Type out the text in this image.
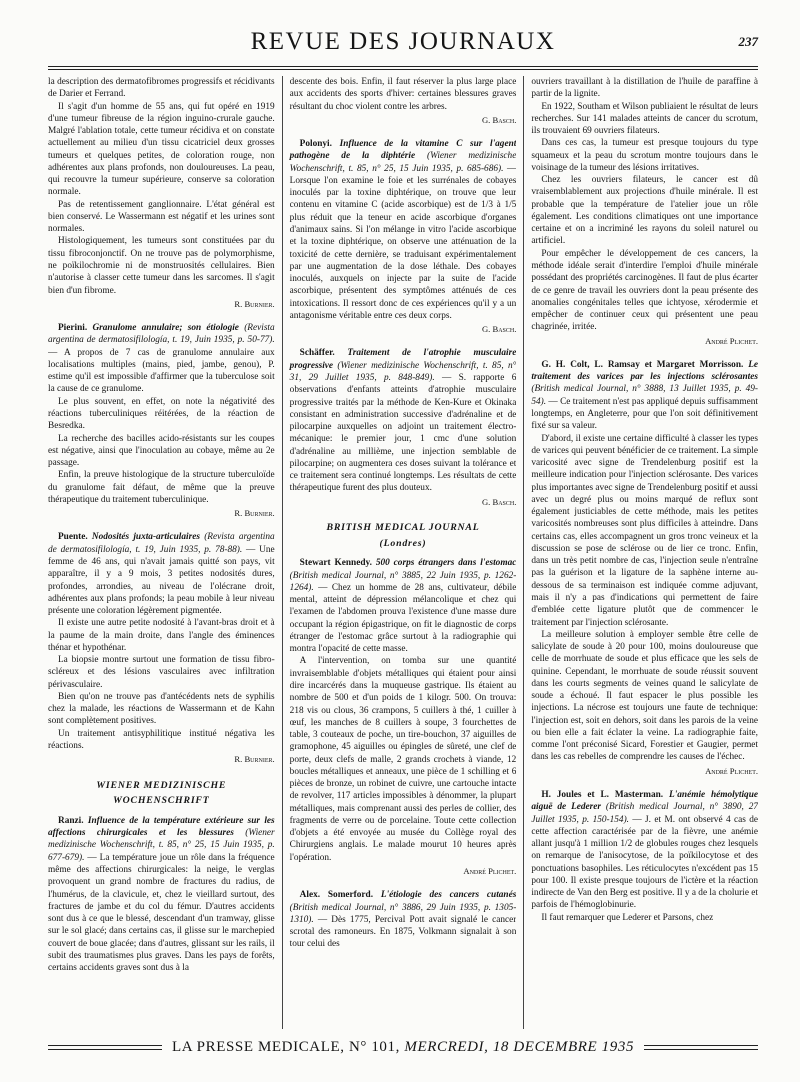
REVUE DES JOURNAUX	237

la description des dermatofibromes progressifs et récidivants de Darier et Ferrand.

Il s'agit d'un homme de 55 ans, qui fut opéré en 1919 d'une tumeur fibreuse de la région inguino-crurale gauche. Malgré l'ablation totale, cette tumeur récidiva et on constate actuellement au milieu d'un tissu cicatriciel deux grosses tumeurs et quelques petites, de coloration rouge, non adhérentes aux plans profonds, non douloureuses. La peau, qui recouvre la tumeur supérieure, conserve sa coloration normale.

Pas de retentissement ganglionnaire. L'état général est bien conservé. Le Wassermann est négatif et les urines sont normales.

Histologiquement, les tumeurs sont constituées par du tissu fibroconjonctif. On ne trouve pas de polymorphisme, ne poïkilochromie ni de monstruosités cellulaires. Bien n'autorise à classer cette tumeur dans les sarcomes. Il s'agit bien d'un fibrome.

R. Burnier.

Pierini. Granulome annulaire; son étiologie (Revista argentina de dermatosifilología, t. 19, Juin 1935, p. 50-77). — A propos de 7 cas de granulome annulaire aux localisations multiples (mains, pied, jambe, genou), P. estime qu'il est impossible d'affirmer que la tuberculose soit la cause de ce granulome.

Le plus souvent, en effet, on note la négativité des réactions tuberculiniques réitérées, de la réaction de Besredka.

La recherche des bacilles acido-résistants sur les coupes est négative, ainsi que l'inoculation au cobaye, même au 2e passage.

Enfin, la preuve histologique de la structure tuberculoïde du granulome fait défaut, de même que la preuve thérapeutique du traitement tuberculinique.

R. Burnier.

Puente. Nodosités juxta-articulaires (Revista argentina de dermatosifilología, t. 19, Juin 1935, p. 78-88). — Une femme de 46 ans, qui n'avait jamais quitté son pays, vit apparaître, il y a 9 mois, 3 petites nodosités dures, profondes, arrondies, au niveau de l'olécrane droit, adhérentes aux plans profonds; la peau mobile à leur niveau présente une coloration légèrement pigmentée.

Il existe une autre petite nodosité à l'avant-bras droit et à la paume de la main droite, dans l'angle des éminences thénar et hypothénar.

La biopsie montre surtout une formation de tissu fibro-scléreux et des lésions vasculaires avec infiltration périvasculaire.

Bien qu'on ne trouve pas d'antécédents nets de syphilis chez la malade, les réactions de Wassermann et de Kahn sont complètement positives.

Un traitement antisyphilitique institué négativa les réactions.

R. Burnier.

WIENER MEDIZINISCHE WOCHENSCHRIFT

Ranzi. Influence de la température extérieure sur les affections chirurgicales et les blessures (Wiener medizinische Wochenschrift, t. 85, n° 25, 15 Juin 1935, p. 677-679). — La température joue un rôle dans la fréquence même des affections chirurgicales: la neige, le verglas provoquent un grand nombre de fractures du radius, de l'humérus, de la clavicule, et, chez le vieillard surtout, des fractures de jambe et du col du fémur. D'autres accidents sont dus à ce que le blessé, descendant d'un tramway, glisse sur le sol glacé; dans certains cas, il glisse sur le marchepied couvert de boue glacée; dans d'autres, glissant sur les rails, il subit des traumatismes plus graves. Dans les pays de forêts, certains accidents graves sont dus à la

descente des bois. Enfin, il faut réserver la plus large place aux accidents des sports d'hiver: certaines blessures graves résultant du choc violent contre les arbres.

G. Basch.

Polonyi. Influence de la vitamine C sur l'agent pathogène de la diphtérie (Wiener medizinische Wochenschrift, t. 85, n° 25, 15 Juin 1935, p. 685-686). — Lorsque l'on examine le foie et les surrénales de cobayes inoculés par la toxine diphtérique, on trouve que leur contenu en vitamine C (acide ascorbique) est de 1/3 à 1/5 plus réduit que la teneur en acide ascorbique d'organes d'animaux sains. Si l'on mélange in vitro l'acide ascorbique et la toxine diphtérique, on observe une atténuation de la toxicité de cette dernière, se traduisant expérimentalement par une augmentation de la dose léthale. Des cobayes inoculés, auxquels on injecte par la suite de l'acide ascorbique, présentent des symptômes atténués de ces intoxications. Il ressort donc de ces expériences qu'il y a un antagonisme véritable entre ces deux corps.

G. Basch.

Schäffer. Traitement de l'atrophie musculaire progressive (Wiener medizinische Wochenschrift, t. 85, n° 31, 29 Juillet 1935, p. 848-849). — S. rapporte 6 observations d'enfants atteints d'atrophie musculaire progressive traités par la méthode de Ken-Kure et Okinaka consistant en administration successive d'adrénaline et de pilocarpine auxquelles on adjoint un traitement électro-mécanique: le premier jour, 1 cmc d'une solution d'adrénaline au millième, une injection semblable de pilocarpine; on augmentera ces doses suivant la tolérance et ce traitement sera continué longtemps. Les résultats de cette thérapeutique furent des plus douteux.

G. Basch.

BRITISH MEDICAL JOURNAL
(Londres)

Stewart Kennedy. 500 corps étrangers dans l'estomac (British medical Journal, n° 3885, 22 Juin 1935, p. 1262-1264). — Chez un homme de 28 ans, cultivateur, débile mental, atteint de dépression mélancolique et chez qui l'examen de l'abdomen prouva l'existence d'une masse dure occupant la région épigastrique, on fit le diagnostic de corps étranger de l'estomac grâce surtout à la radiographie qui montra l'opacité de cette masse.

A l'intervention, on tomba sur une quantité invraisemblable d'objets métalliques qui étaient pour ainsi dire incarcérés dans la muqueuse gastrique. Ils étaient au nombre de 500 et d'un poids de 1 kilogr. 500. On trouva: 218 vis ou clous, 36 crampons, 5 cuillers à thé, 1 cuiller à œuf, les manches de 8 cuillers à soupe, 3 fourchettes de table, 3 couteaux de poche, un tire-bouchon, 37 aiguilles de gramophone, 45 aiguilles ou épingles de sûreté, une clef de porte, deux clefs de malle, 2 grands crochets à viande, 12 boucles métalliques et anneaux, une pièce de 1 schilling et 6 pièces de bronze, un robinet de cuivre, une cartouche intacte de revolver, 117 articles impossibles à dénommer, la plupart métalliques, mais comprenant aussi des perles de collier, des fragments de verre ou de porcelaine. Toute cette collection d'objets a été envoyée au musée du Collège royal des Chirurgiens anglais. Le malade mourut 10 heures après l'opération.

André Plichet.

Alex. Somerford. L'étiologie des cancers cutanés (British medical Journal, n° 3886, 29 Juin 1935, p. 1305-1310). — Dès 1775, Percival Pott avait signalé le cancer scrotal des ramoneurs. En 1875, Volkmann signalait à son tour celui des

ouvriers travaillant à la distillation de l'huile de paraffine à partir de la lignite.

En 1922, Southam et Wilson publiaient le résultat de leurs recherches. Sur 141 malades atteints de cancer du scrotum, ils trouvaient 69 ouvriers filateurs.

Dans ces cas, la tumeur est presque toujours du type squameux et la peau du scrotum montre toujours dans le voisinage de la tumeur des lésions irritatives.

Chez les ouvriers filateurs, le cancer est dû vraisemblablement aux projections d'huile minérale. Il est probable que la température de l'atelier joue un rôle également. Les conditions climatiques ont une importance certaine et on a incriminé les rayons du soleil naturel ou artificiel.

Pour empêcher le développement de ces cancers, la méthode idéale serait d'interdire l'emploi d'huile minérale possédant des propriétés carcinogènes. Il faut de plus écarter de ce genre de travail les ouvriers dont la peau présente des anomalies congénitales telles que ichtyose, xérodermie et empêcher de continuer ceux qui présentent une peau chagrinée, irritée.

André Plichet.

G. H. Colt, L. Ramsay et Margaret Morrisson. Le traitement des varices par les injections sclérosantes (British medical Journal, n° 3888, 13 Juillet 1935, p. 49-54). — Ce traitement n'est pas appliqué depuis suffisamment longtemps, en Angleterre, pour que l'on soit définitivement fixé sur sa valeur.

D'abord, il existe une certaine difficulté à classer les types de varices qui peuvent bénéficier de ce traitement. La simple varicosité avec signe de Trendelenburg positif est la meilleure indication pour l'injection sclérosante. Des varices plus importantes avec signe de Trendelenburg positif et aussi avec un degré plus ou moins marqué de reflux sont également justiciables de cette méthode, mais les petites varicosités nombreuses sont plus difficiles à atteindre. Dans certains cas, elles accompagnent un gros tronc veineux et la discussion se pose de sclérose ou de lier ce tronc. Enfin, dans un très petit nombre de cas, l'injection seule n'entraîne pas la guérison et la ligature de la saphène interne au-dessous de sa terminaison est indiquée comme adjuvant, mais il n'y a pas d'indications qui permettent de faire d'emblée cette ligature plutôt que de commencer le traitement par l'injection sclérosante.

La meilleure solution à employer semble être celle de salicylate de soude à 20 pour 100, moins douloureuse que celle de morrhuate de soude et plus efficace que les sels de quinine. Cependant, le morrhuate de soude réussit souvent dans les courts segments de veines quand le salicylate de soude a échoué. Il faut espacer le plus possible les injections. La nécrose est toujours une faute de technique: l'injection est, soit en dehors, soit dans les parois de la veine ou bien elle a fait éclater la veine. La radiographie faite, comme l'ont préconisé Sicard, Forestier et Gaugier, permet dans les cas rebelles de comprendre les causes de l'échec.

André Plichet.

H. Joules et L. Masterman. L'anémie hémolytique aiguë de Lederer (British medical Journal, n° 3890, 27 Juillet 1935, p. 150-154). — J. et M. ont observé 4 cas de cette affection caractérisée par de la fièvre, une anémie allant jusqu'à 1 million 1/2 de globules rouges chez lesquels on remarque de l'anisocytose, de la poïkilocytose et des ponctuations basophiles. Les réticulocytes n'excédent pas 15 pour 100. Il existe presque toujours de l'ictère et la réaction indirecte de Van den Berg est positive. Il y a de la cholurie et parfois de l'hémoglobinurie.

Il faut remarquer que Lederer et Parsons, chez

LA PRESSE MEDICALE, N° 101, MERCREDI, 18 DECEMBRE 1935
